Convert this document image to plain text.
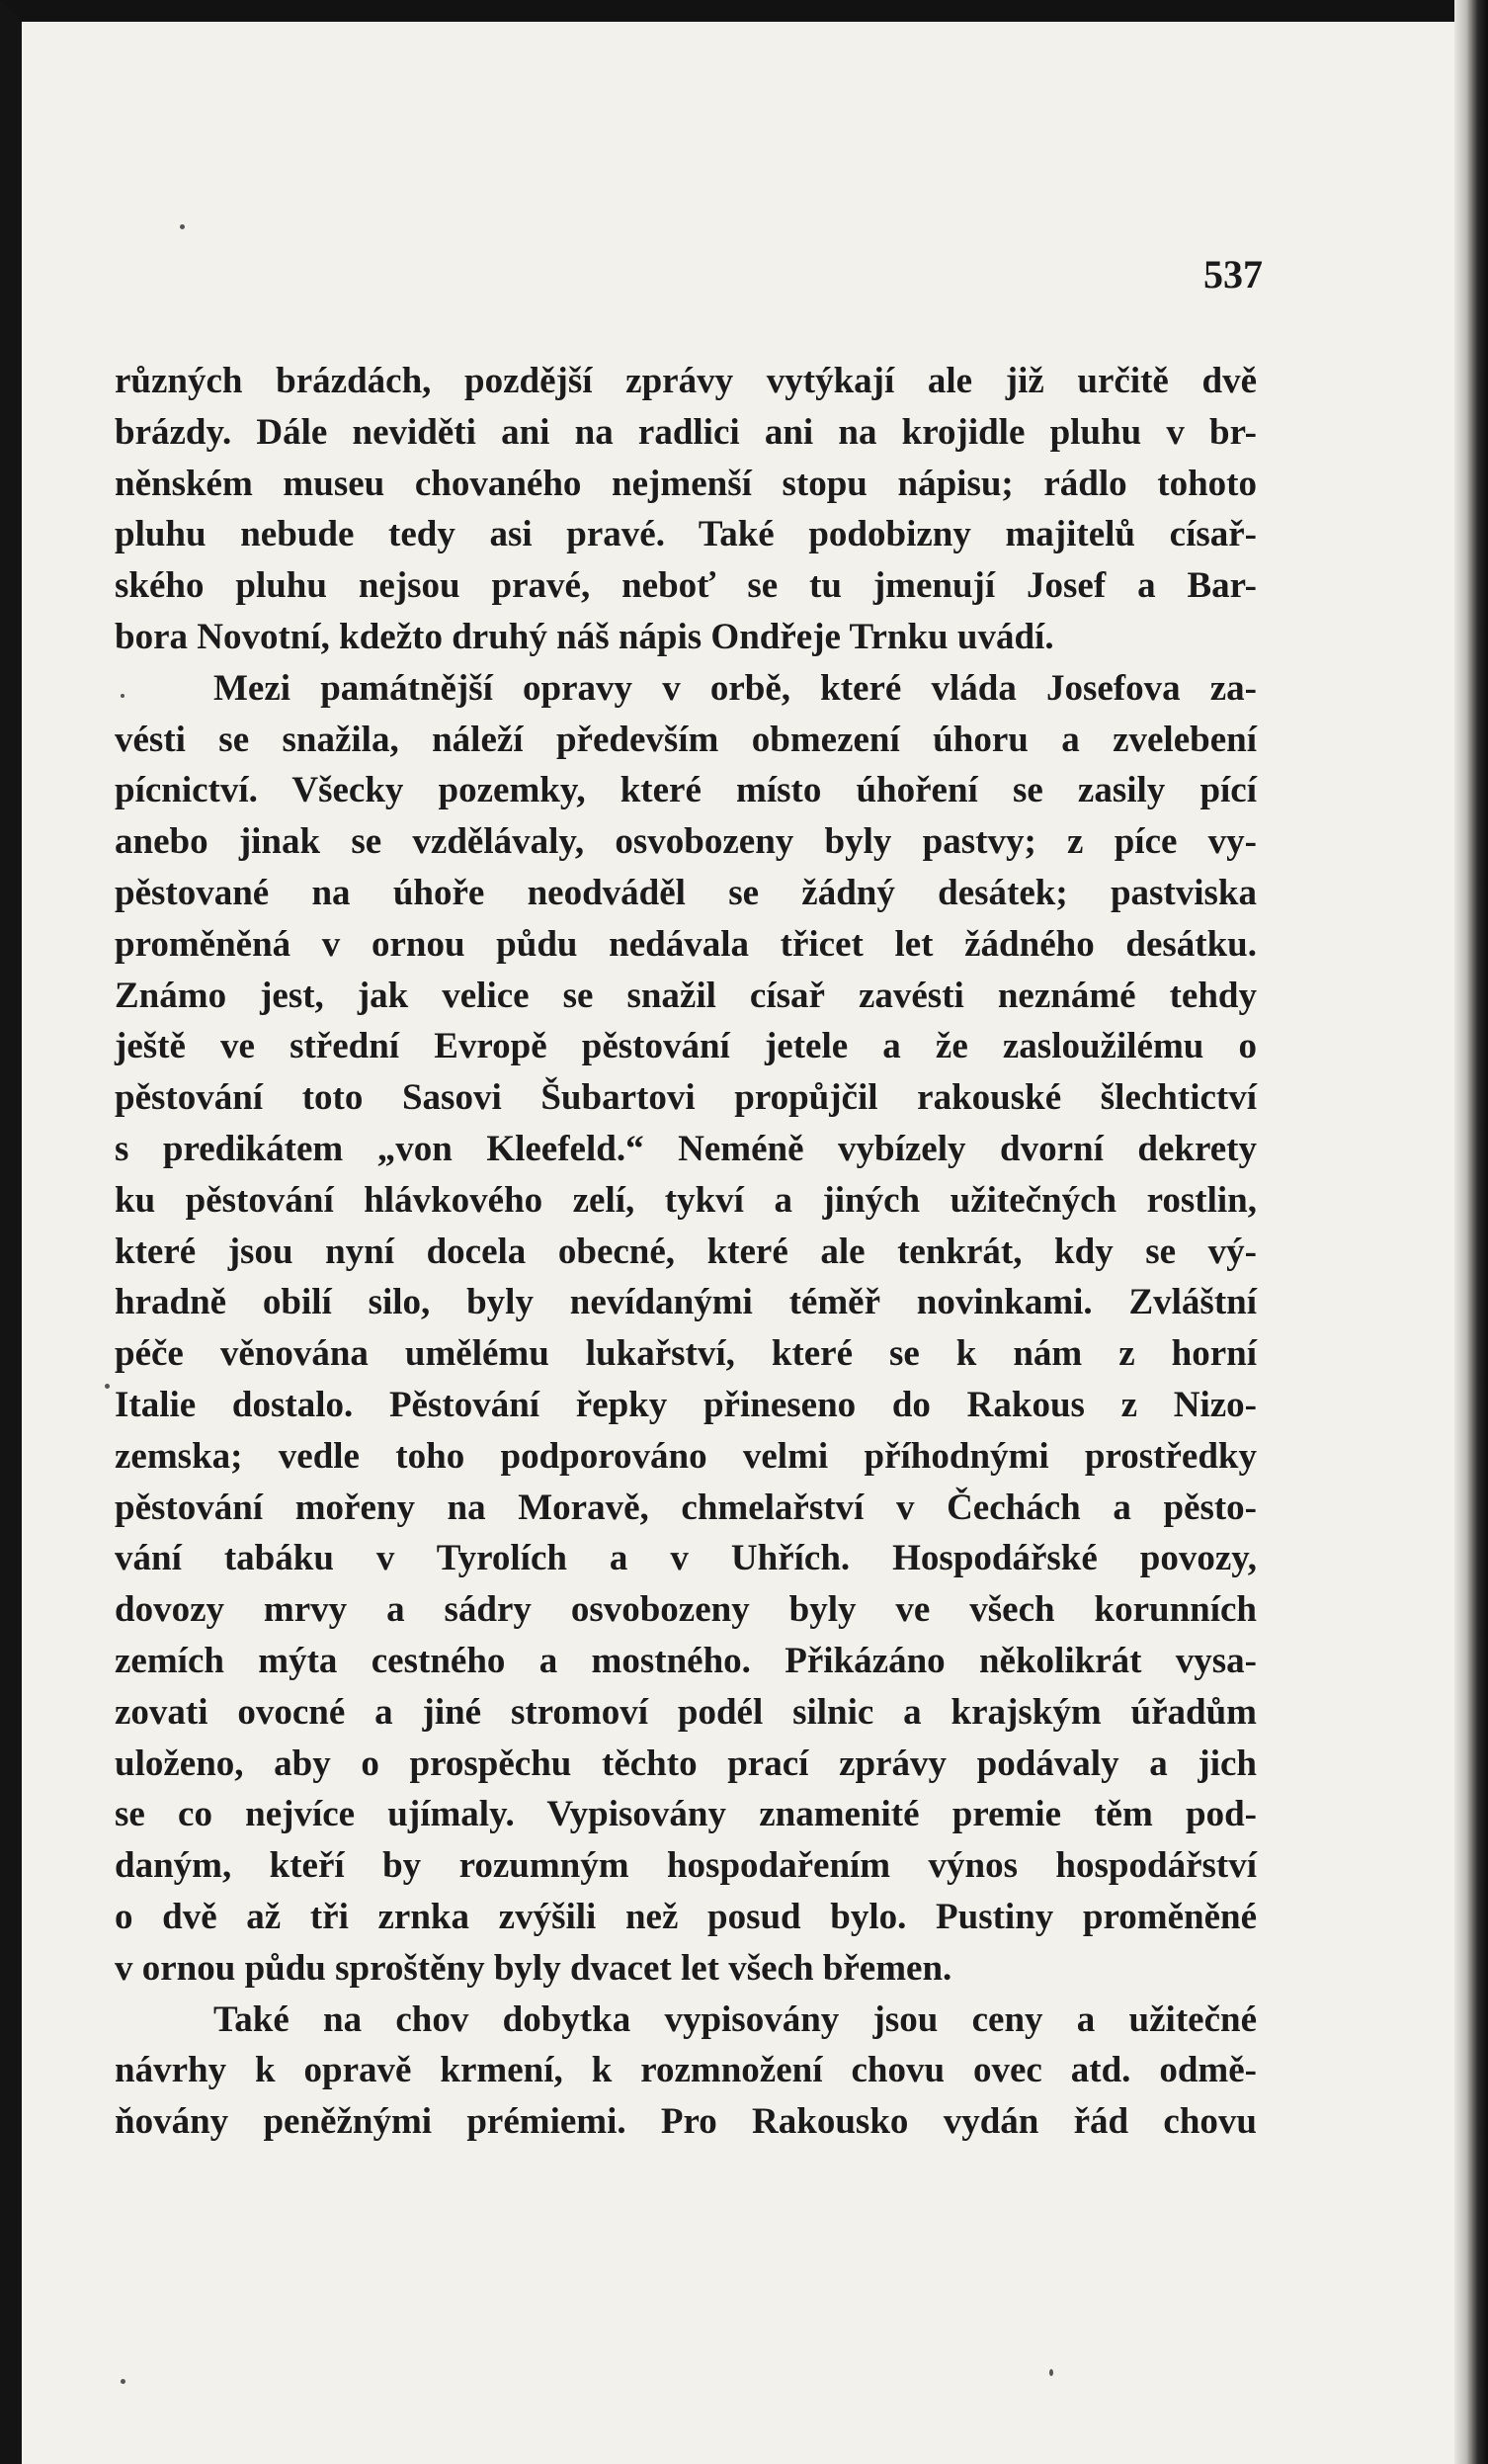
537
různých brázdách, pozdější zprávy vytýkají ale již určitě dvě
brázdy. Dále neviděti ani na radlici ani na krojidle pluhu v br-
něnském museu chovaného nejmenší stopu nápisu; rádlo tohoto
pluhu nebude tedy asi pravé. Také podobizny majitelů císař-
ského pluhu nejsou pravé, neboť se tu jmenují Josef a Bar-
bora Novotní, kdežto druhý náš nápis Ondřeje Trnku uvádí.
Mezi památnější opravy v orbě, které vláda Josefova za-
vésti se snažila, náleží především obmezení úhoru a zvelebení
pícnictví. Všecky pozemky, které místo úhoření se zasily pící
anebo jinak se vzdělávaly, osvobozeny byly pastvy; z píce vy-
pěstované na úhoře neodváděl se žádný desátek; pastviska
proměněná v ornou půdu nedávala třicet let žádného desátku.
Známo jest, jak velice se snažil císař zavésti neznámé tehdy
ještě ve střední Evropě pěstování jetele a že zasloužilému o
pěstování toto Sasovi Šubartovi propůjčil rakouské šlechtictví
s predikátem „von Kleefeld.“ Neméně vybízely dvorní dekrety
ku pěstování hlávkového zelí, tykví a jiných užitečných rostlin,
které jsou nyní docela obecné, které ale tenkrát, kdy se vý-
hradně obilí silo, byly nevídanými téměř novinkami. Zvláštní
péče věnována umělému lukařství, které se k nám z horní
Italie dostalo. Pěstování řepky přineseno do Rakous z Nizo-
zemska; vedle toho podporováno velmi příhodnými prostředky
pěstování mořeny na Moravě, chmelařství v Čechách a pěsto-
vání tabáku v Tyrolích a v Uhřích. Hospodářské povozy,
dovozy mrvy a sádry osvobozeny byly ve všech korunních
zemích mýta cestného a mostného. Přikázáno několikrát vysa-
zovati ovocné a jiné stromoví podél silnic a krajským úřadům
uloženo, aby o prospěchu těchto prací zprávy podávaly a jich
se co nejvíce ujímaly. Vypisovány znamenité premie těm pod-
daným, kteří by rozumným hospodařením výnos hospodářství
o dvě až tři zrnka zvýšili než posud bylo. Pustiny proměněné
v ornou půdu sproštěny byly dvacet let všech břemen.
Také na chov dobytka vypisovány jsou ceny a užitečné
návrhy k opravě krmení, k rozmnožení chovu ovec atd. odmě-
ňovány peněžnými prémiemi. Pro Rakousko vydán řád chovu
